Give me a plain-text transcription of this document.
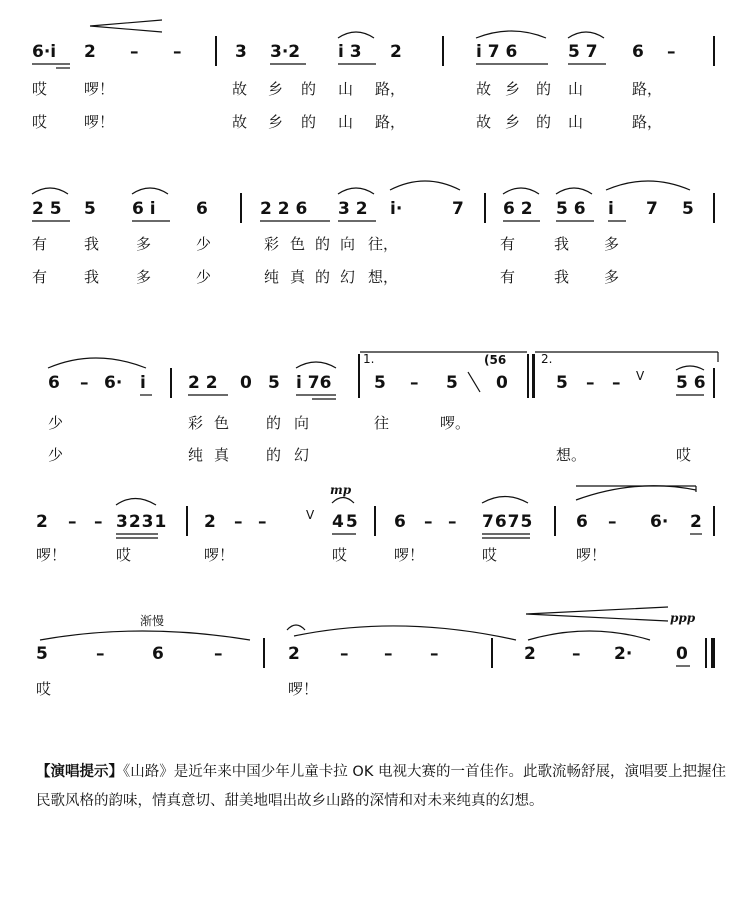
6·i 2 – –	3 3·2 i 3 2	i 7 6	5 7 6 –
哎 啰！	故 乡 的 山 路，	故 乡 的 山	路，
哎 啰！	故 乡 的 山 路，	故 乡 的 山	路，
2 5 5 6 i 6	2 2 6 3 2 i·	7 6 2 5 6 i 7 5
有 我 多	少	彩 色 的 向 往，	有	我 多
有 我 多	少	纯 真 的 幻 想，	有	我 多
6 – 6· i 2 2 0 5 i 76
1.
5 – 5
(56
0
2.
5 – – V 5 6
少	彩 色 的 向	往	啰。
少	纯 真 的 幻	想。	哎
2 – – 3231 2 – –	V
mp
45 6 – – 7675	6 – 6· 2
啰！	哎	啰！	哎	啰！	哎	啰！
渐慢	ppp
5	–	6	–	2 – – –	2 – 2·	0
哎	啰！
【演唱提示】《山路》是近年来中国少年儿童卡拉 OK 电视大赛的一首佳作。此歌流畅舒展，演唱要上把握住民歌风格的韵味，情真意切、甜美地唱出故乡山路的深情和对未来纯真的幻想。
